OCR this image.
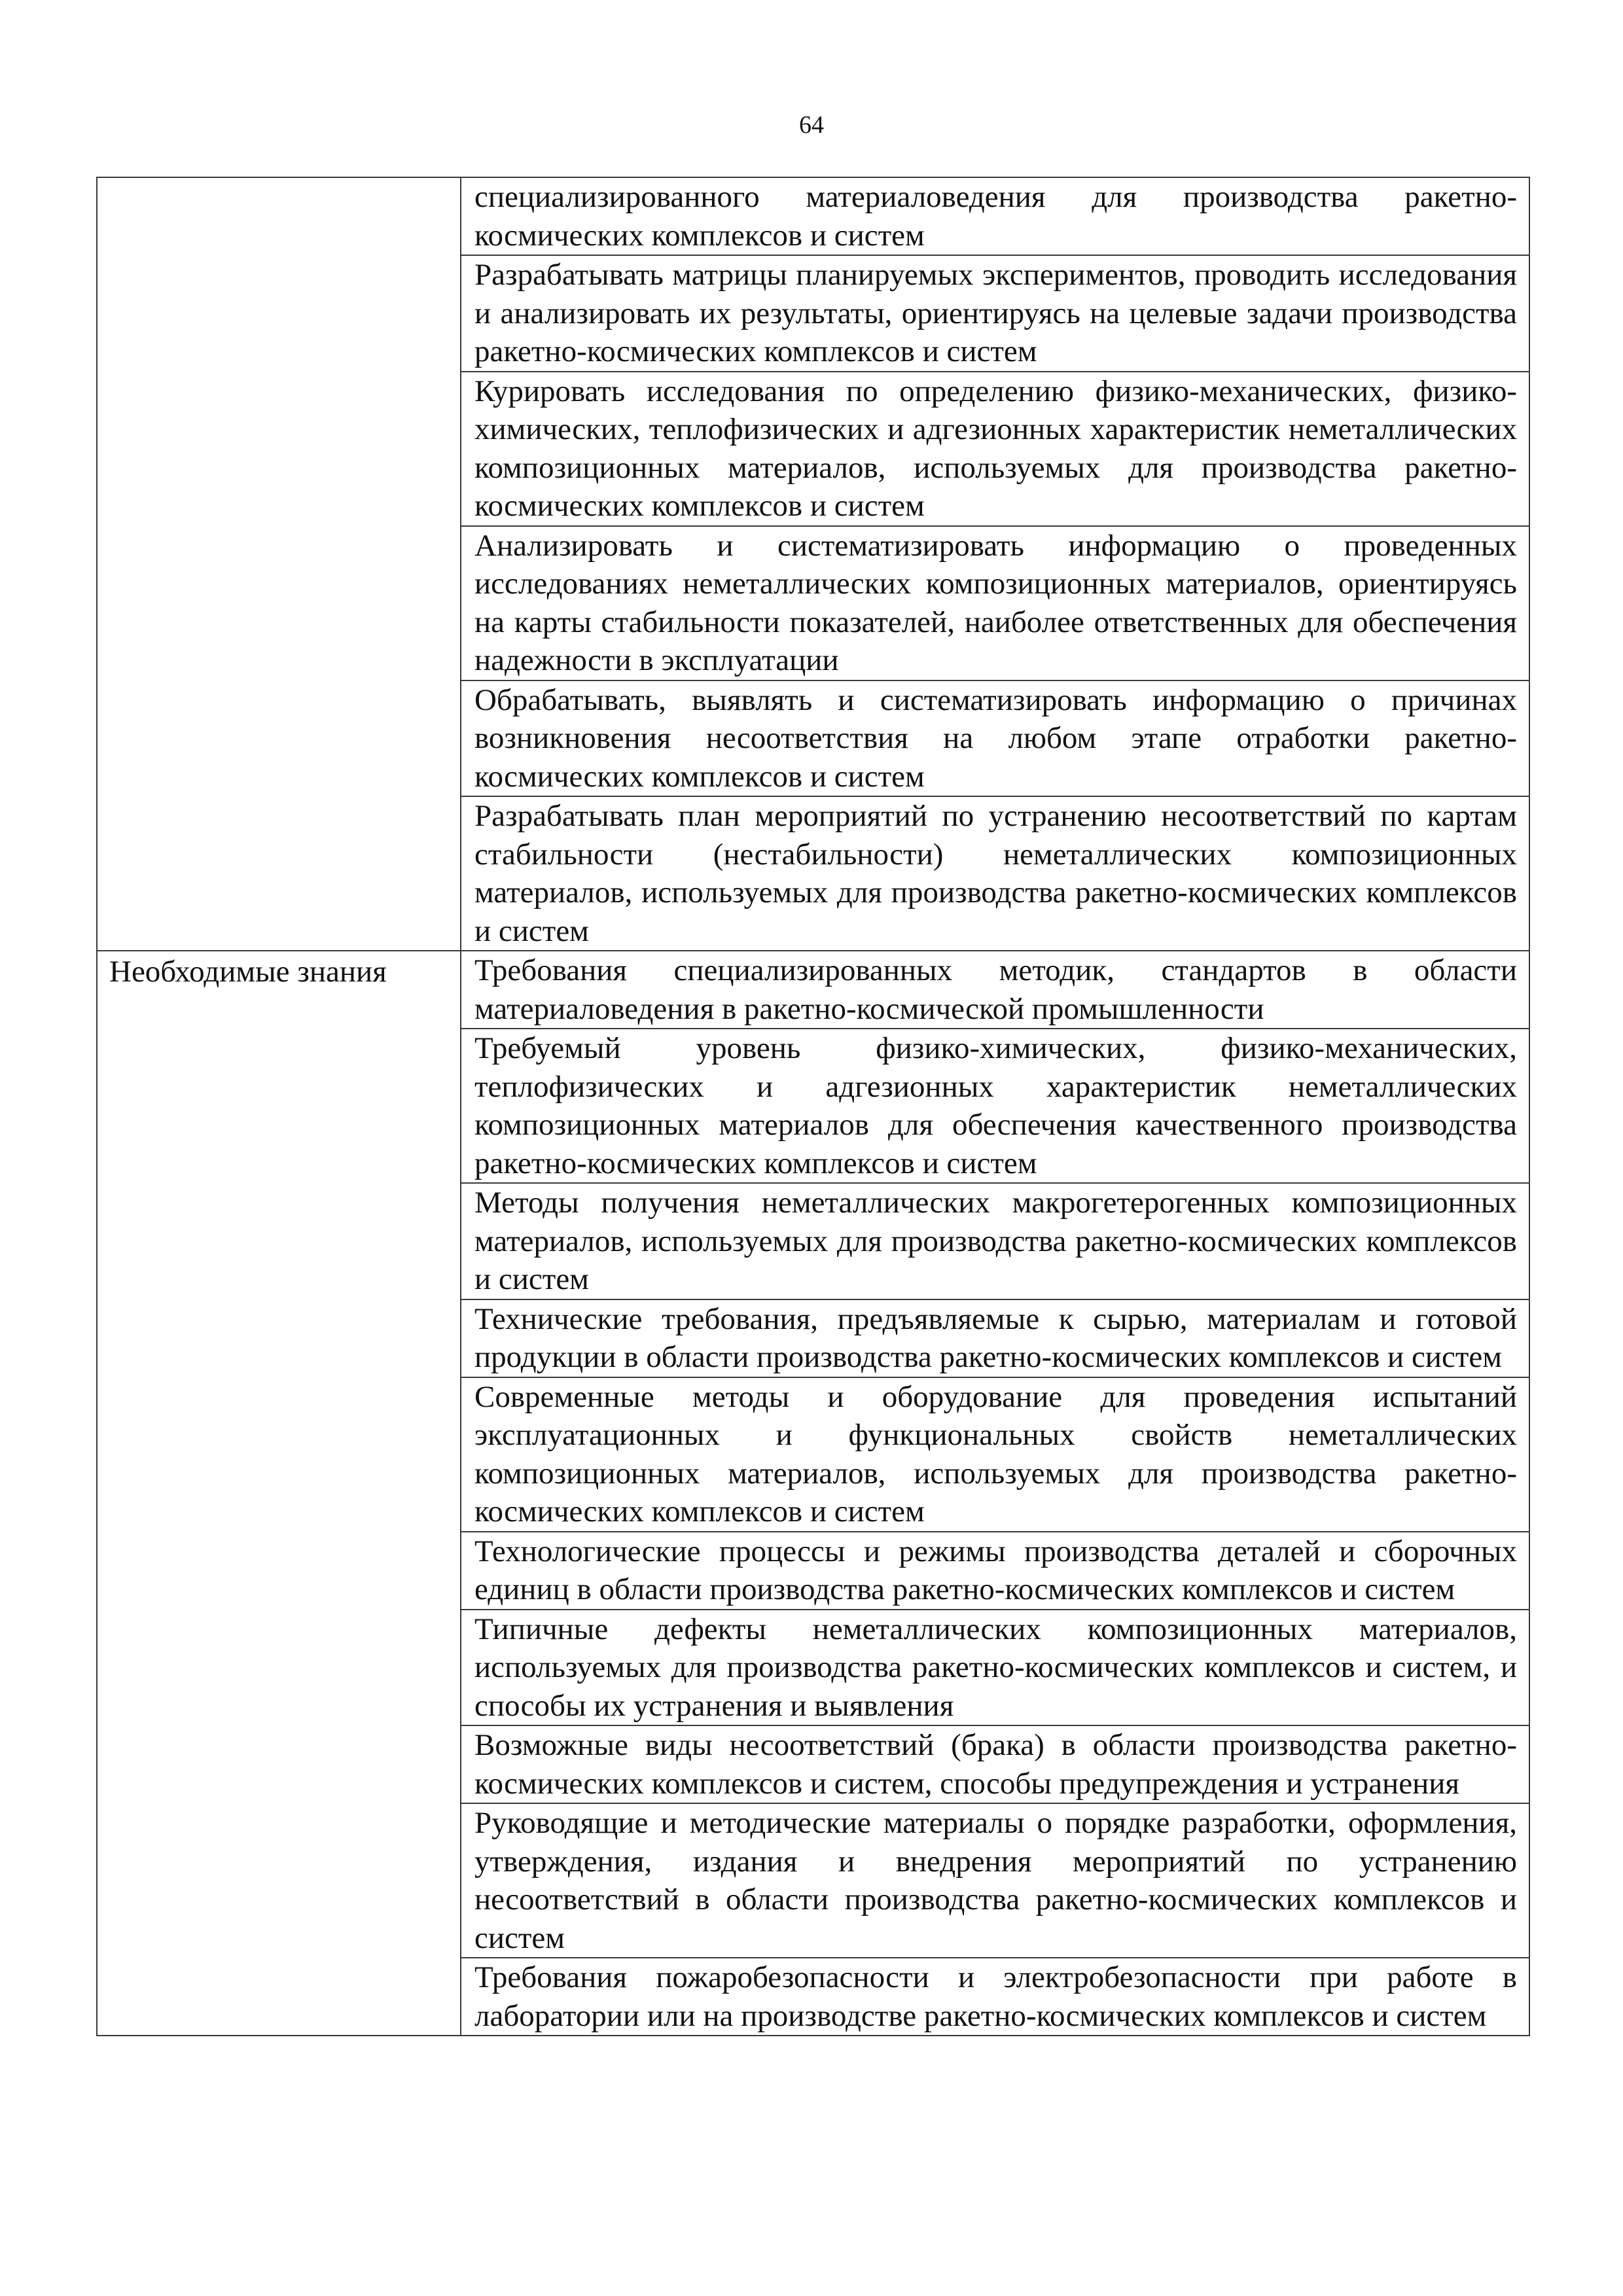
64
	специализированного материаловедения для производства ракетно-космических комплексов и систем
	Разрабатывать матрицы планируемых экспериментов, проводить исследования и анализировать их результаты, ориентируясь на целевые задачи производства ракетно-космических комплексов и систем
	Курировать исследования по определению физико-механических, физико-химических, теплофизических и адгезионных характеристик неметаллических композиционных материалов, используемых для производства ракетно-космических комплексов и систем
	Анализировать и систематизировать информацию о проведенных исследованиях неметаллических композиционных материалов, ориентируясь на карты стабильности показателей, наиболее ответственных для обеспечения надежности в эксплуатации
	Обрабатывать, выявлять и систематизировать информацию о причинах возникновения несоответствия на любом этапе отработки ракетно-космических комплексов и систем
	Разрабатывать план мероприятий по устранению несоответствий по картам стабильности (нестабильности) неметаллических композиционных материалов, используемых для производства ракетно-космических комплексов и систем
Необходимые знания	Требования специализированных методик, стандартов в области материаловедения в ракетно-космической промышленности
	Требуемый уровень физико-химических, физико-механических, теплофизических и адгезионных характеристик неметаллических композиционных материалов для обеспечения качественного производства ракетно-космических комплексов и систем
	Методы получения неметаллических макрогетерогенных композиционных материалов, используемых для производства ракетно-космических комплексов и систем
	Технические требования, предъявляемые к сырью, материалам и готовой продукции в области производства ракетно-космических комплексов и систем
	Современные методы и оборудование для проведения испытаний эксплуатационных и функциональных свойств неметаллических композиционных материалов, используемых для производства ракетно-космических комплексов и систем
	Технологические процессы и режимы производства деталей и сборочных единиц в области производства ракетно-космических комплексов и систем
	Типичные дефекты неметаллических композиционных материалов, используемых для производства ракетно-космических комплексов и систем, и способы их устранения и выявления
	Возможные виды несоответствий (брака) в области производства ракетно-космических комплексов и систем, способы предупреждения и устранения
	Руководящие и методические материалы о порядке разработки, оформления, утверждения, издания и внедрения мероприятий по устранению несоответствий в области производства ракетно-космических комплексов и систем
	Требования пожаробезопасности и электробезопасности при работе в лаборатории или на производстве ракетно-космических комплексов и систем
